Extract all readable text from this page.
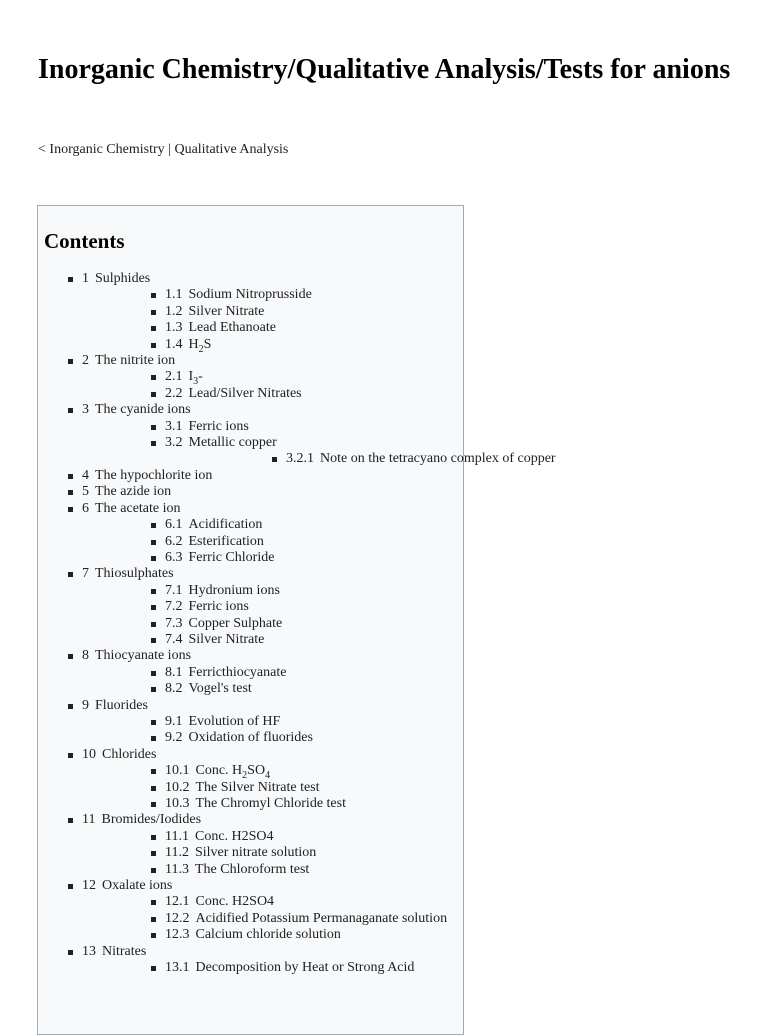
Inorganic Chemistry/Qualitative Analysis/Tests for anions
< Inorganic Chemistry | Qualitative Analysis
Contents
1 Sulphides
1.1 Sodium Nitroprusside
1.2 Silver Nitrate
1.3 Lead Ethanoate
1.4 $H_2S$
2 The nitrite ion
2.1 $I_3-$
2.2 Lead/Silver Nitrates
3 The cyanide ions
3.1 Ferric ions
3.2 Metallic copper
3.2.1 Note on the tetracyano complex of copper
4 The hypochlorite ion
5 The azide ion
6 The acetate ion
6.1 Acidification
6.2 Esterification
6.3 Ferric Chloride
7 Thiosulphates
7.1 Hydronium ions
7.2 Ferric ions
7.3 Copper Sulphate
7.4 Silver Nitrate
8 Thiocyanate ions
8.1 Ferricthiocyanate
8.2 Vogel's test
9 Fluorides
9.1 Evolution of HF
9.2 Oxidation of fluorides
10 Chlorides
10.1 Conc. $H_2SO_4$
10.2 The Silver Nitrate test
10.3 The Chromyl Chloride test
11 Bromides/Iodides
11.1 Conc. H2SO4
11.2 Silver nitrate solution
11.3 The Chloroform test
12 Oxalate ions
12.1 Conc. H2SO4
12.2 Acidified Potassium Permanaganate solution
12.3 Calcium chloride solution
13 Nitrates
13.1 Decomposition by Heat or Strong Acid
